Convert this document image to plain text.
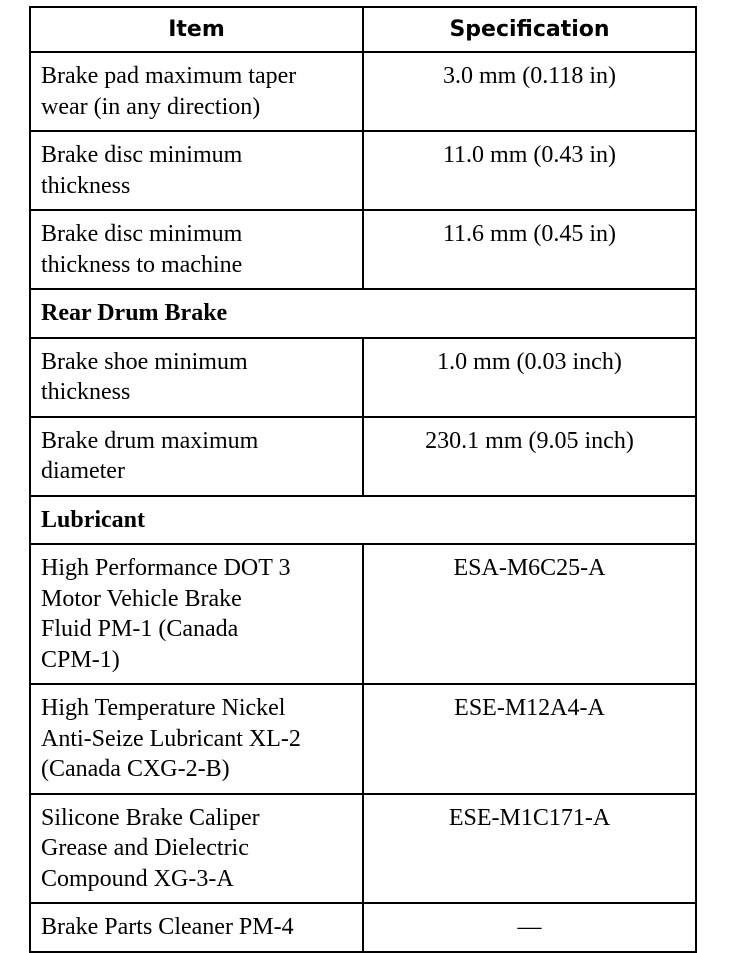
Item	Specification
Brake pad maximum taper
wear (in any direction)	3.0 mm (0.118 in)
Brake disc minimum
thickness	11.0 mm (0.43 in)
Brake disc minimum
thickness to machine	11.6 mm (0.45 in)
Rear Drum Brake	
Brake shoe minimum
thickness	1.0 mm (0.03 inch)
Brake drum maximum
diameter	230.1 mm (9.05 inch)
Lubricant	
High Performance DOT 3
Motor Vehicle Brake
Fluid PM-1 (Canada
CPM-1)	ESA-M6C25-A
High Temperature Nickel
Anti-Seize Lubricant XL-2
(Canada CXG-2-B)	ESE-M12A4-A
Silicone Brake Caliper
Grease and Dielectric
Compound XG-3-A	ESE-M1C171-A
Brake Parts Cleaner PM-4	—
